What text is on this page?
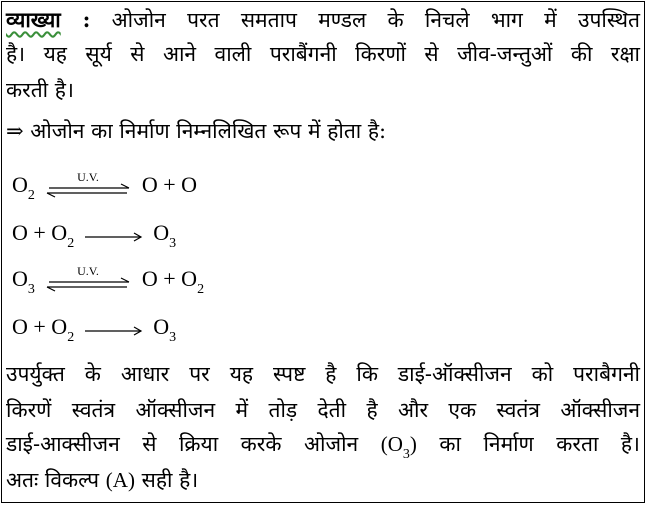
व्याख्या : ओजोन परत समताप मण्डल के निचले भाग में उपस्थित
है। यह सूर्य से आने वाली पराबैंगनी किरणों से जीव-जन्तुओं की रक्षा
करती है।
⇒ ओजोन का निर्माण निम्नलिखित रूप में होता है:
$O_2$
U.V. O + O
$O + O_2$	$O_3$
$O_3$
U.V. $O + O_2$
$O + O_2$	$O_3$
उपर्युक्त के आधार पर यह स्पष्ट है कि डाई-ऑक्सीजन को पराबैगनी
किरणें स्वतंत्र ऑक्सीजन में तोड़ देती है और एक स्वतंत्र ऑक्सीजन
डाई-आक्सीजन से क्रिया करके ओजोन $(O_3)$ का निर्माण करता है।
अतः विकल्प (A) सही है।
